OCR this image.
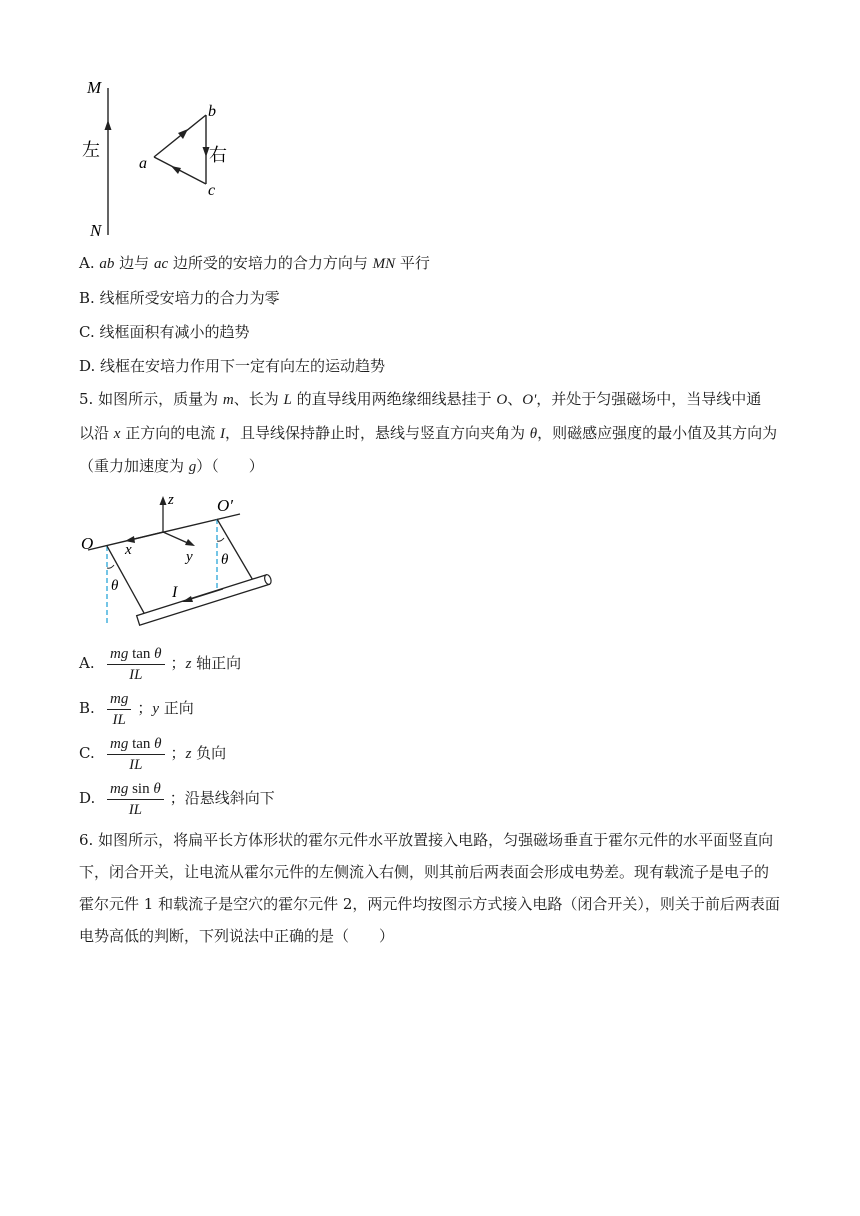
M
N
左	右
a
b
c
A. ab 边与 ac 边所受的安培力的合力方向与 MN 平行
B. 线框所受安培力的合力为零
C. 线框面积有减小的趋势
D. 线框在安培力作用下一定有向左的运动趋势
5. 如图所示，质量为 m、长为 L 的直导线用两绝缘细线悬挂于 O、O'，并处于匀强磁场中，当导线中通
以沿 x 正方向的电流 I，且导线保持静止时，悬线与竖直方向夹角为 θ，则磁感应强度的最小值及其方向为
（重力加速度为 g）（　　）
O
O′
z
x	y
θ
θ
I
A. $\frac{\text{mg tan θ}}{IL}$ ；z 轴正向
B. $\frac{mg}{IL}$ ；y 正向
C. $\frac{\text{mg tan θ}}{IL}$ ；z 负向
D. $\frac{\text{mg sin θ}}{IL}$ ；沿悬线斜向下
6. 如图所示，将扁平长方体形状的霍尔元件水平放置接入电路，匀强磁场垂直于霍尔元件的水平面竖直向
下，闭合开关，让电流从霍尔元件的左侧流入右侧，则其前后两表面会形成电势差。现有载流子是电子的
霍尔元件 1 和载流子是空穴的霍尔元件 2，两元件均按图示方式接入电路（闭合开关），则关于前后两表面
电势高低的判断，下列说法中正确的是（　　）
